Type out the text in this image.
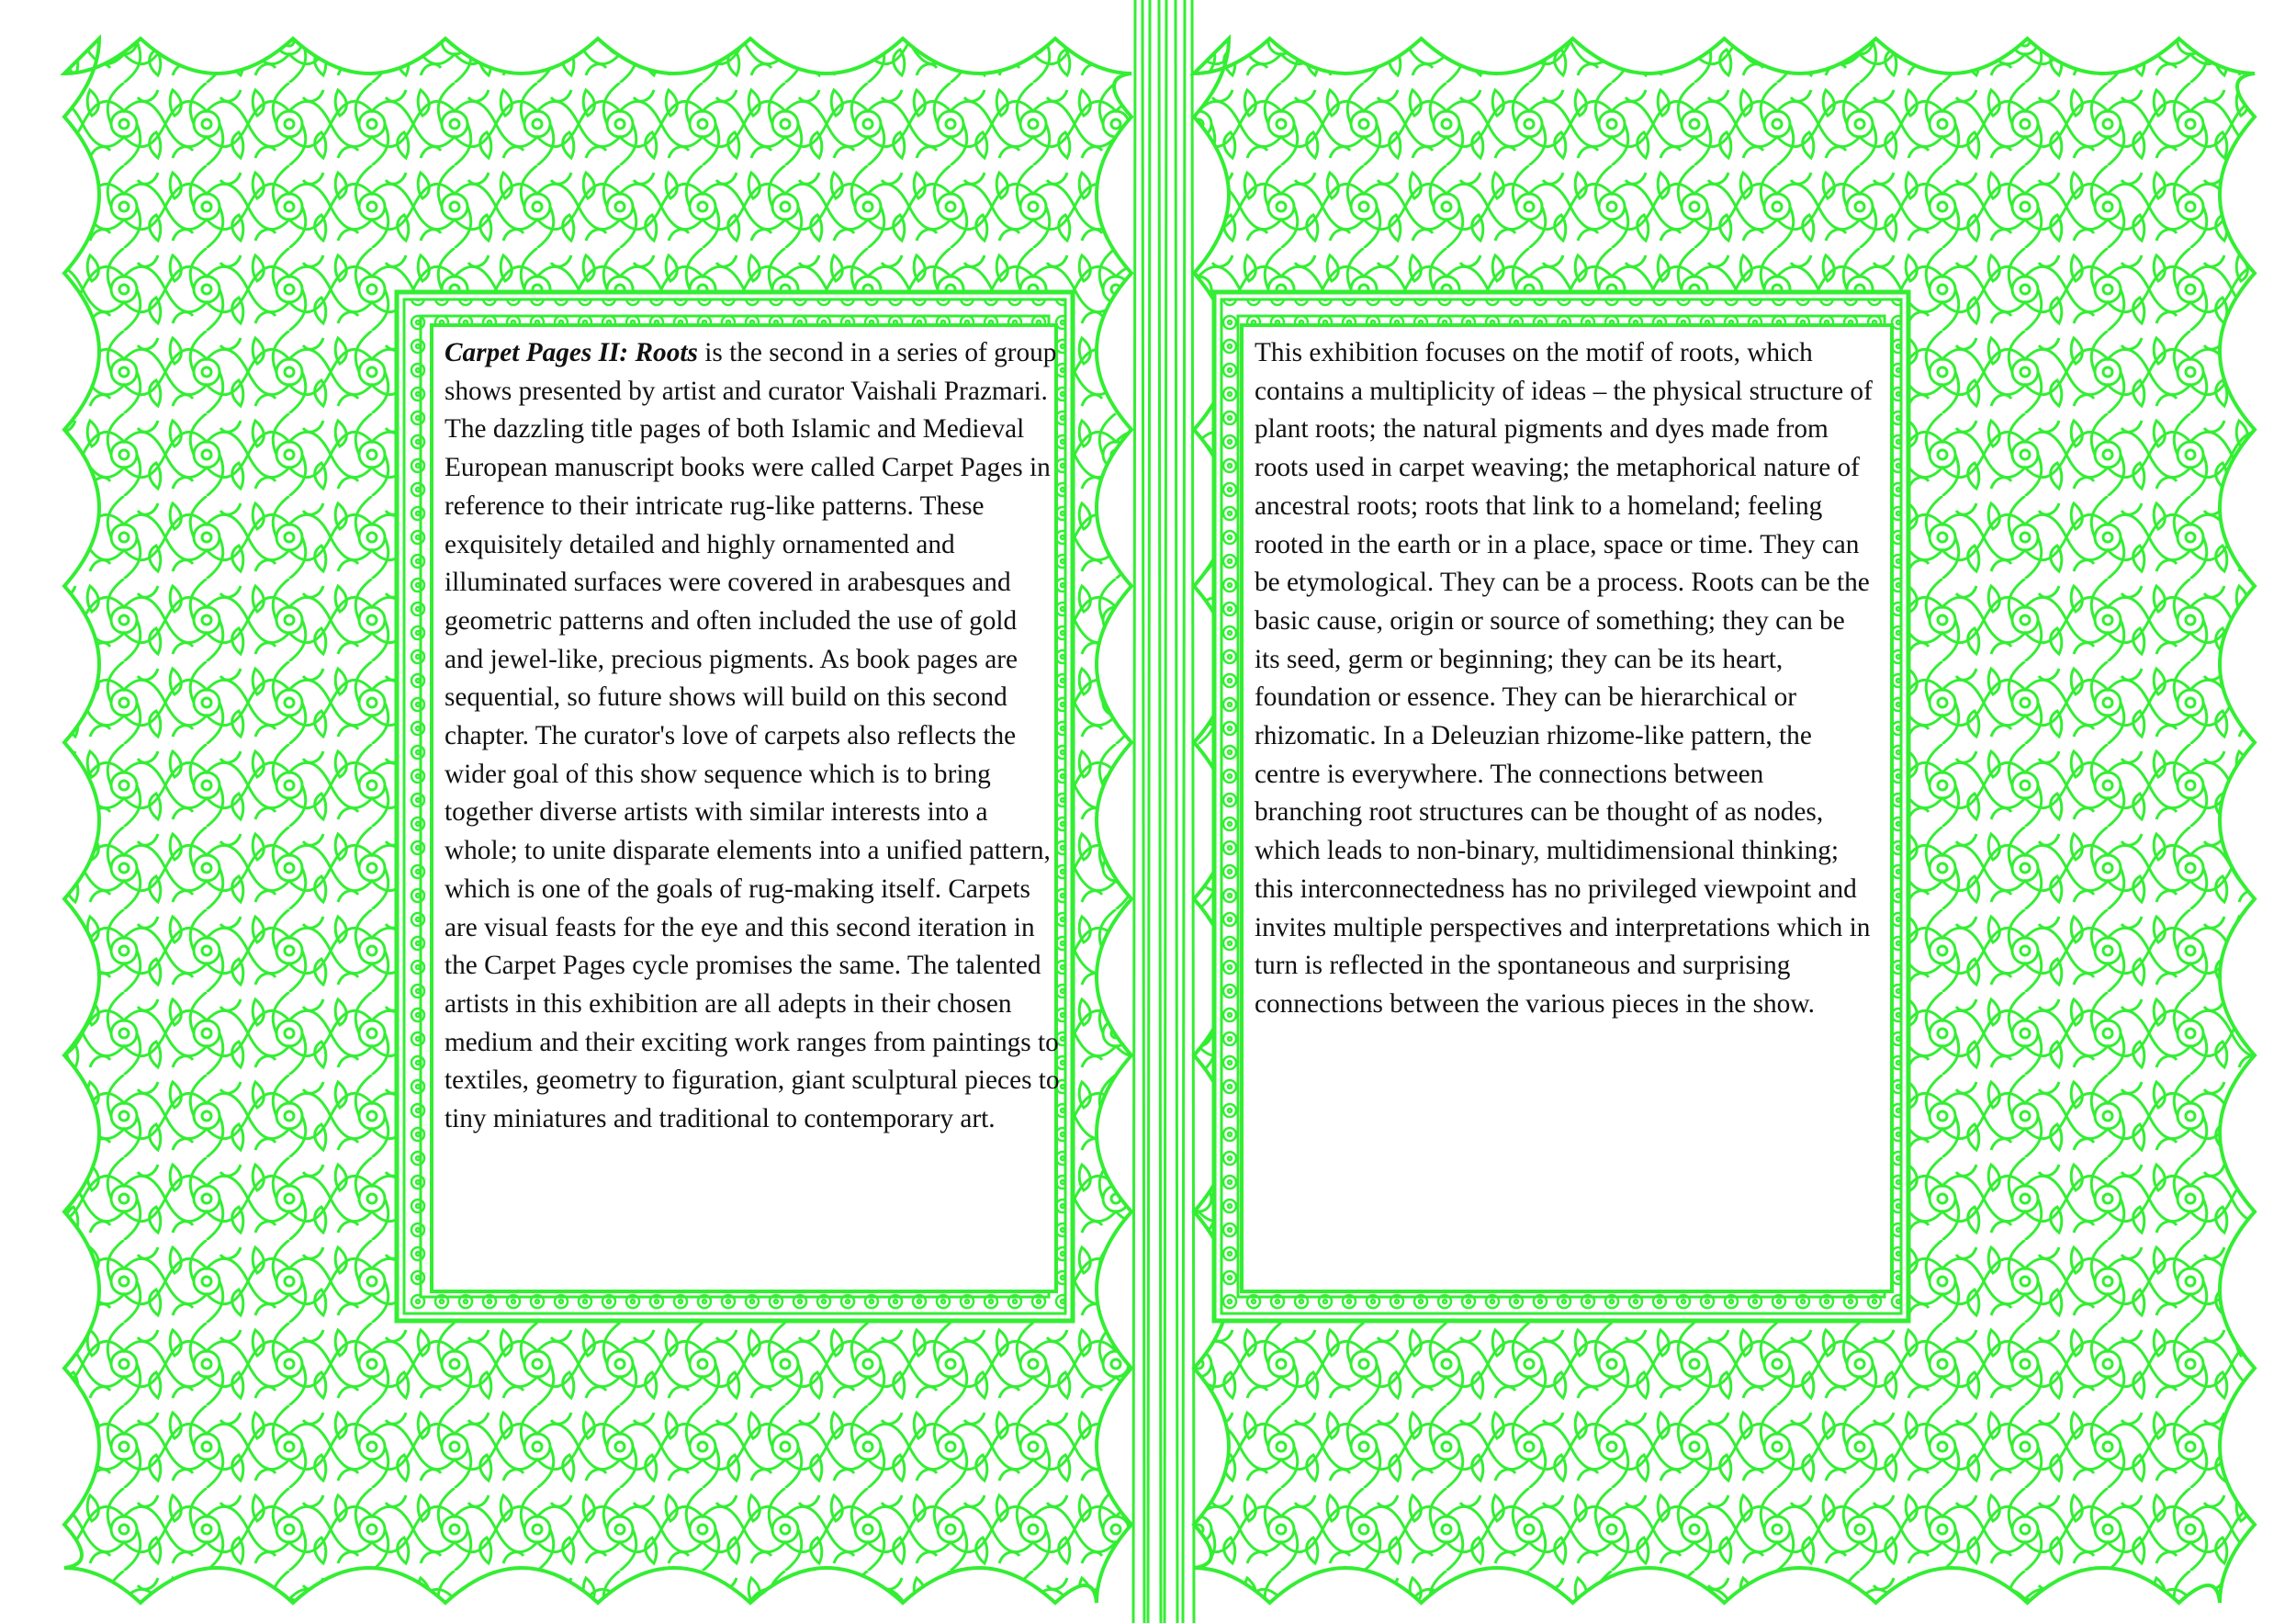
Carpet Pages II: Roots is the second in a series of group shows presented by artist and curator Vaishali Prazmari. The dazzling title pages of both Islamic and Medieval European manuscript books were called Carpet Pages in reference to their intricate rug-like patterns. These exquisitely detailed and highly ornamented and illuminated surfaces were covered in arabesques and geometric patterns and often included the use of gold and jewel-like, precious pigments. As book pages are sequential, so future shows will build on this second chapter. The curator's love of carpets also reflects the wider goal of this show sequence which is to bring together diverse artists with similar interests into a whole; to unite disparate elements into a unified pattern, which is one of the goals of rug-making itself. Carpets are visual feasts for the eye and this second iteration in the Carpet Pages cycle promises the same. The talented artists in this exhibition are all adepts in their chosen medium and their exciting work ranges from paintings to textiles, geometry to figuration, giant sculptural pieces to tiny miniatures and traditional to contemporary art.
This exhibition focuses on the motif of roots, which contains a multiplicity of ideas – the physical structure of plant roots; the natural pigments and dyes made from roots used in carpet weaving; the metaphorical nature of ancestral roots; roots that link to a homeland; feeling rooted in the earth or in a place, space or time. They can be etymological. They can be a process. Roots can be the basic cause, origin or source of something; they can be its seed, germ or beginning; they can be its heart, foundation or essence. They can be hierarchical or rhizomatic. In a Deleuzian rhizome-like pattern, the centre is everywhere. The connections between branching root structures can be thought of as nodes, which leads to non-binary, multidimensional thinking; this interconnectedness has no privileged viewpoint and invites multiple perspectives and interpretations which in turn is reflected in the spontaneous and surprising connections between the various pieces in the show.
